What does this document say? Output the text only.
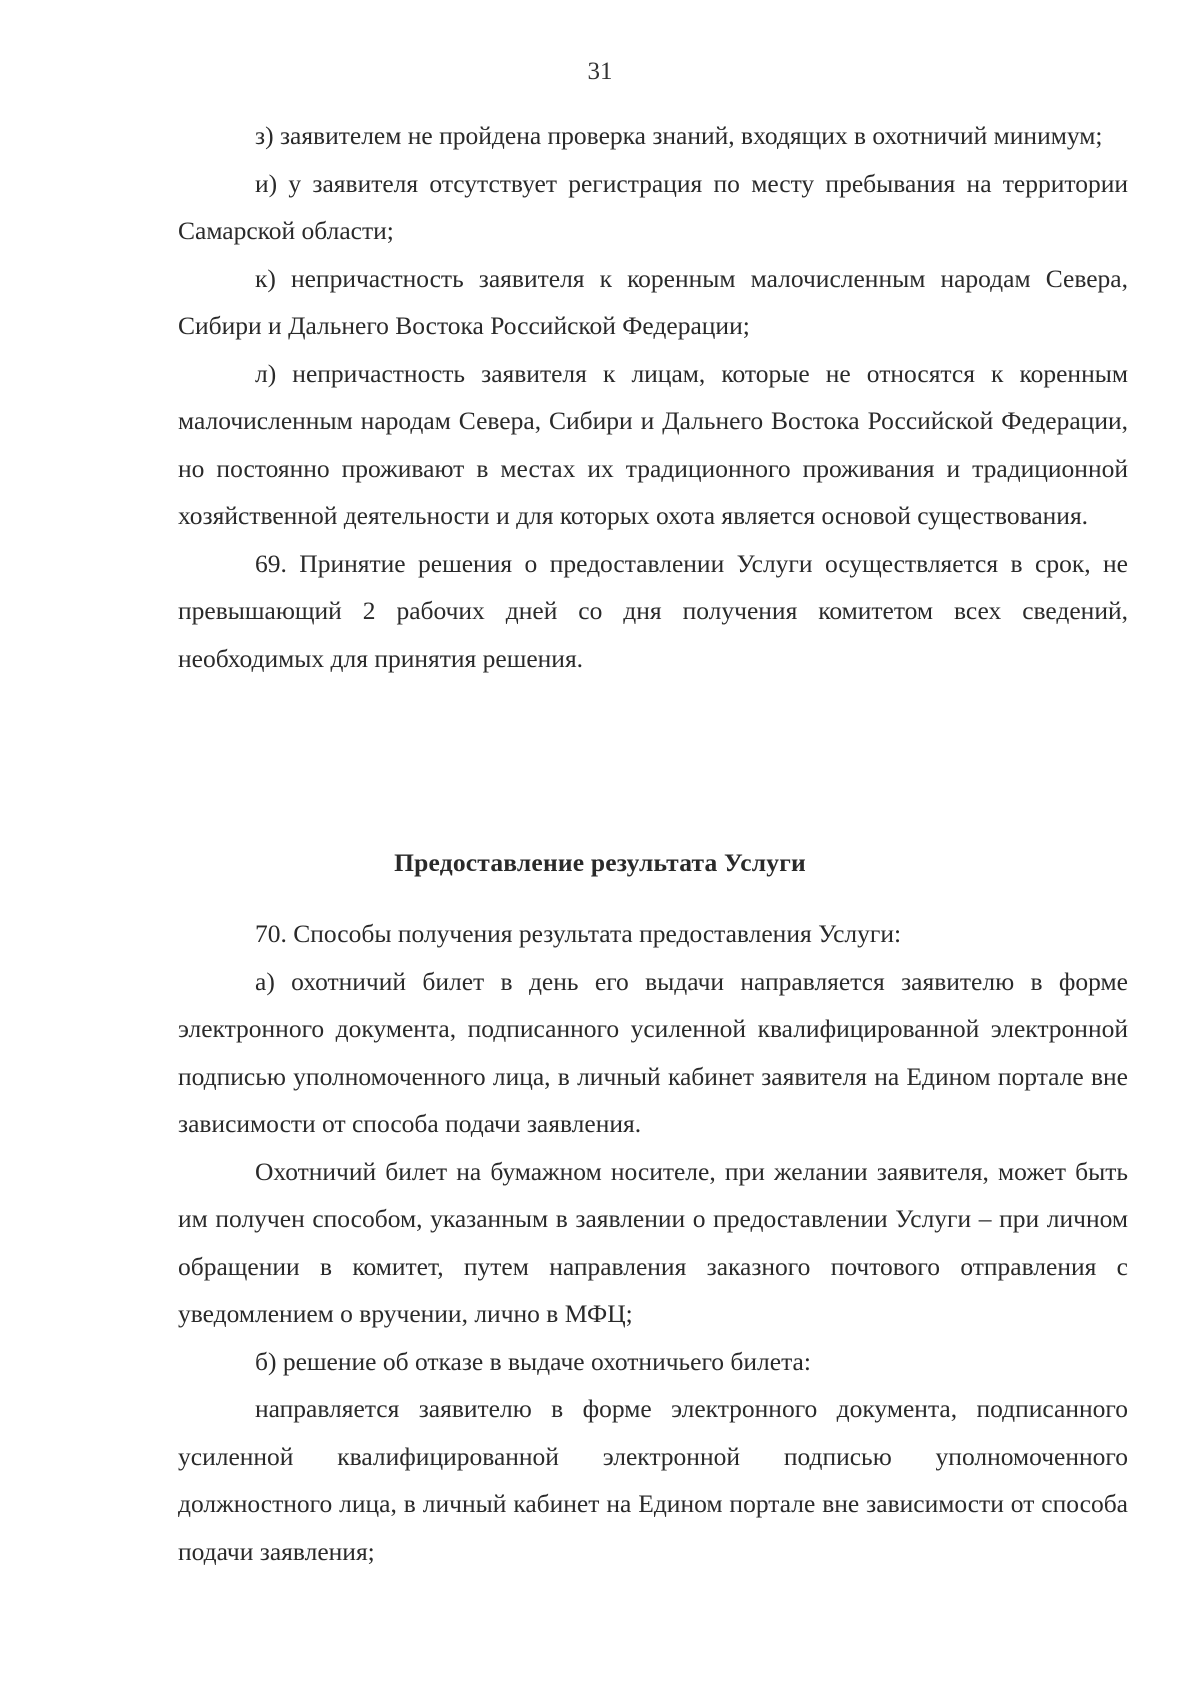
31

з) заявителем не пройдена проверка знаний, входящих в охотничий минимум;

и) у заявителя отсутствует регистрация по месту пребывания на территории Самарской области;

к) непричастность заявителя к коренным малочисленным народам Севера, Сибири и Дальнего Востока Российской Федерации;

л) непричастность заявителя к лицам, которые не относятся к коренным малочисленным народам Севера, Сибири и Дальнего Востока Российской Федерации, но постоянно проживают в местах их традиционного проживания и традиционной хозяйственной деятельности и для которых охота является основой существования.

69. Принятие решения о предоставлении Услуги осуществляется в срок, не превышающий 2 рабочих дней со дня получения комитетом всех сведений, необходимых для принятия решения.

Предоставление результата Услуги

70. Способы получения результата предоставления Услуги:

а) охотничий билет в день его выдачи направляется заявителю в форме электронного документа, подписанного усиленной квалифицированной электронной подписью уполномоченного лица, в личный кабинет заявителя на Едином портале вне зависимости от способа подачи заявления.

Охотничий билет на бумажном носителе, при желании заявителя, может быть им получен способом, указанным в заявлении о предоставлении Услуги – при личном обращении в комитет, путем направления заказного почтового отправления с уведомлением о вручении, лично в МФЦ;

б) решение об отказе в выдаче охотничьего билета:

направляется заявителю в форме электронного документа, подписанного усиленной квалифицированной электронной подписью уполномоченного должностного лица, в личный кабинет на Едином портале вне зависимости от способа подачи заявления;
